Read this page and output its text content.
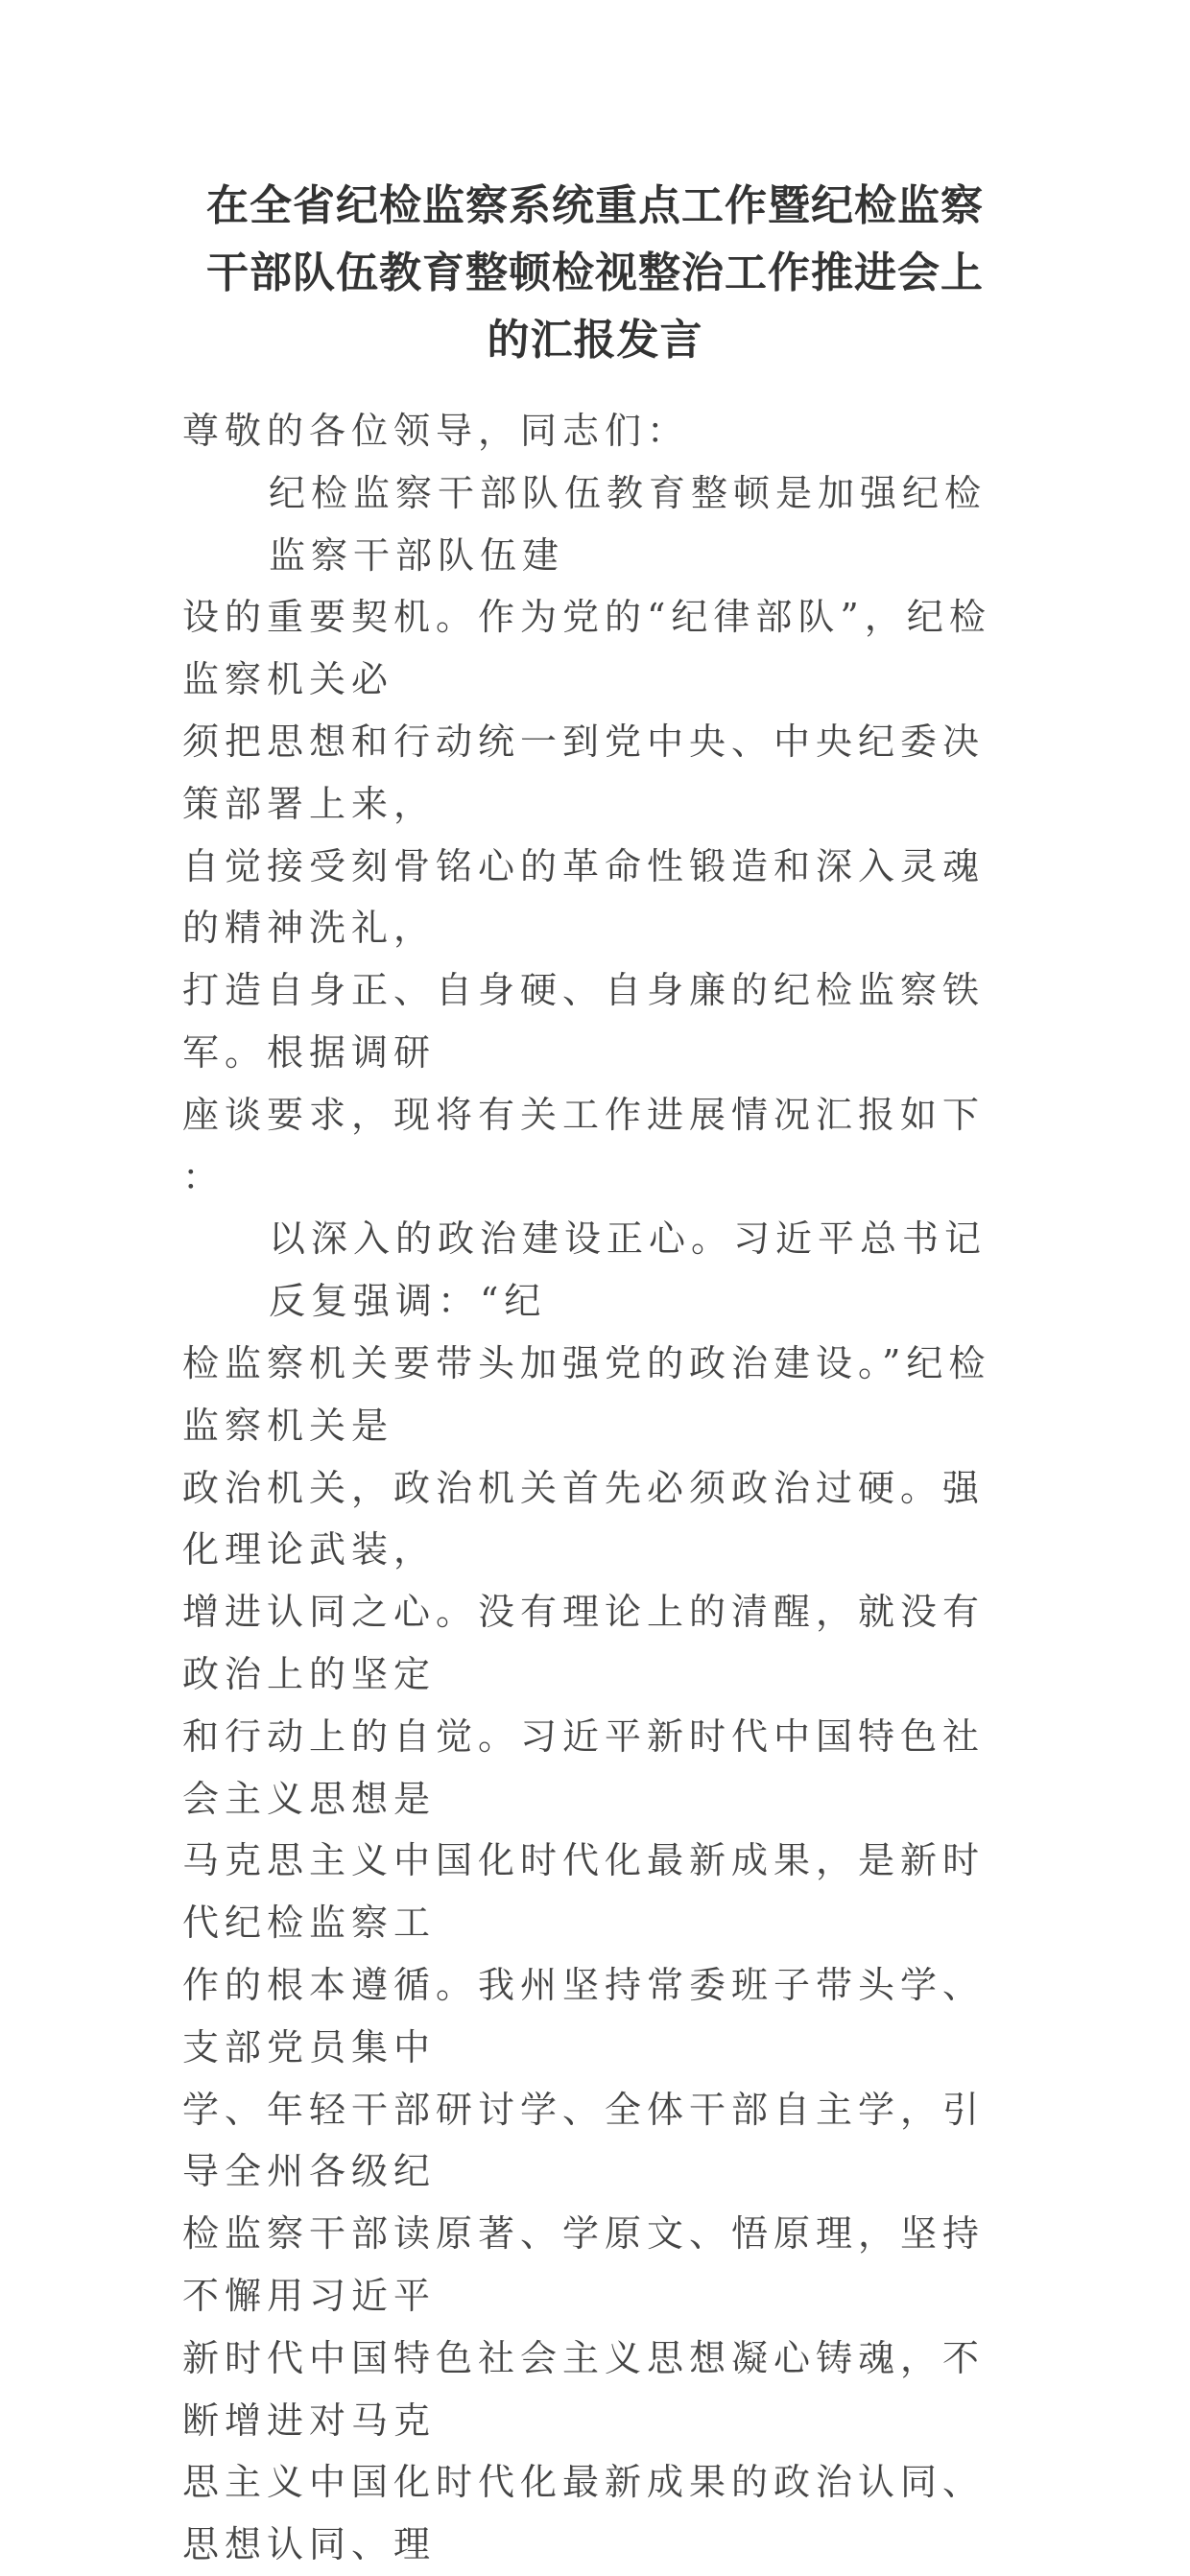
在全省纪检监察系统重点工作暨纪检监察
干部队伍教育整顿检视整治工作推进会上
的汇报发言
尊敬的各位领导，同志们：
纪检监察干部队伍教育整顿是加强纪检监察干部队伍建
设的重要契机。作为党的“纪律部队”，纪检监察机关必
须把思想和行动统一到党中央、中央纪委决策部署上来，
自觉接受刻骨铭心的革命性锻造和深入灵魂的精神洗礼，
打造自身正、自身硬、自身廉的纪检监察铁军。根据调研
座谈要求，现将有关工作进展情况汇报如下：
以深入的政治建设正心。习近平总书记反复强调：“纪
检监察机关要带头加强党的政治建设。”纪检监察机关是
政治机关，政治机关首先必须政治过硬。强化理论武装，
增进认同之心。没有理论上的清醒，就没有政治上的坚定
和行动上的自觉。习近平新时代中国特色社会主义思想是
马克思主义中国化时代化最新成果，是新时代纪检监察工
作的根本遵循。我州坚持常委班子带头学、支部党员集中
学、年轻干部研讨学、全体干部自主学，引导全州各级纪
检监察干部读原著、学原文、悟原理，坚持不懈用习近平
新时代中国特色社会主义思想凝心铸魂，不断增进对马克
思主义中国化时代化最新成果的政治认同、思想认同、理
